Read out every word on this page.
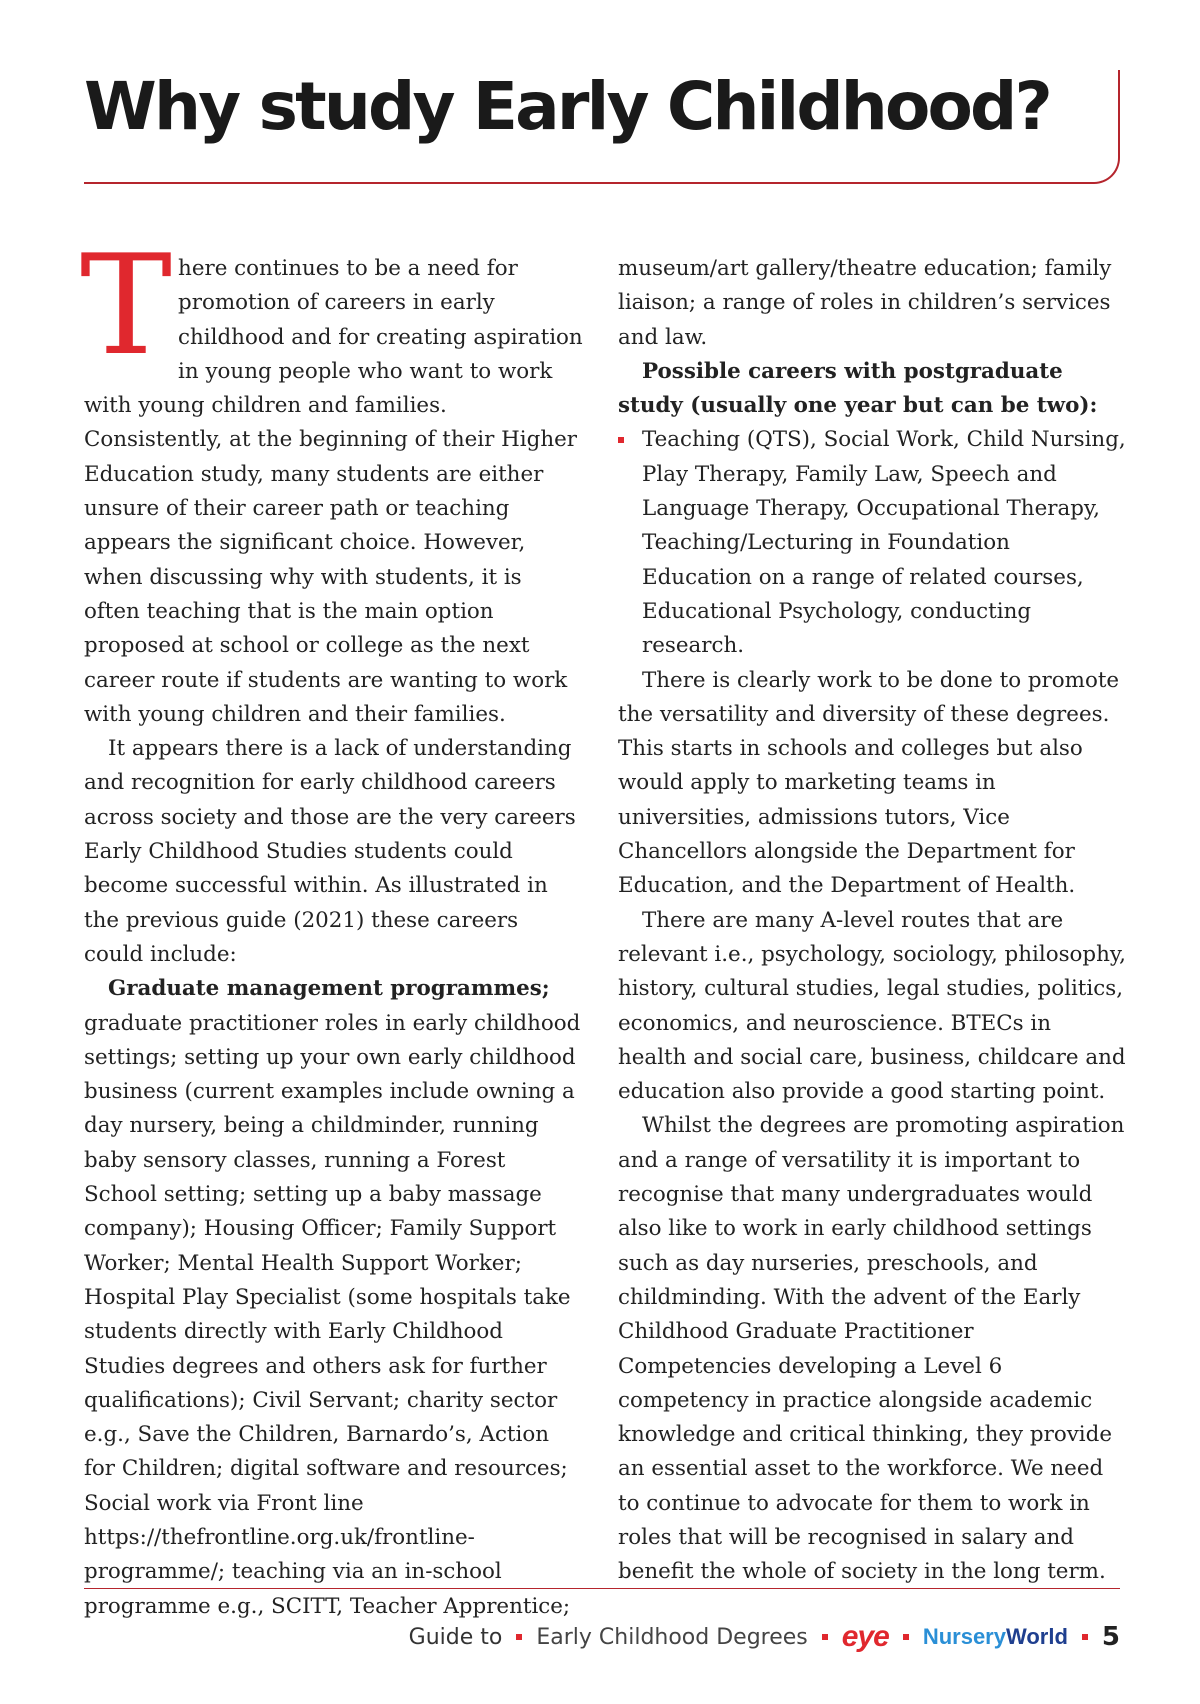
Why study Early Childhood?

There continues to be a need for promotion of careers in early childhood and for creating aspiration in young people who want to work with young children and families. Consistently, at the beginning of their Higher Education study, many students are either unsure of their career path or teaching appears the significant choice. However, when discussing why with students, it is often teaching that is the main option proposed at school or college as the next career route if students are wanting to work with young children and their families.

It appears there is a lack of understanding and recognition for early childhood careers across society and those are the very careers Early Childhood Studies students could become successful within. As illustrated in the previous guide (2021) these careers could include:

Graduate management programmes;
graduate practitioner roles in early childhood settings; setting up your own early childhood business (current examples include owning a day nursery, being a childminder, running baby sensory classes, running a Forest School setting; setting up a baby massage company); Housing Officer; Family Support Worker; Mental Health Support Worker; Hospital Play Specialist (some hospitals take students directly with Early Childhood Studies degrees and others ask for further qualifications); Civil Servant; charity sector e.g., Save the Children, Barnardo’s, Action for Children; digital software and resources; Social work via Front line https://thefrontline.org.uk/frontline-programme/; teaching via an in-school programme e.g., SCITT, Teacher Apprentice;

museum/art gallery/theatre education; family liaison; a range of roles in children’s services and law.

Possible careers with postgraduate study (usually one year but can be two):

Teaching (QTS), Social Work, Child Nursing, Play Therapy, Family Law, Speech and Language Therapy, Occupational Therapy, Teaching/Lecturing in Foundation Education on a range of related courses, Educational Psychology, conducting research.

There is clearly work to be done to promote the versatility and diversity of these degrees. This starts in schools and colleges but also would apply to marketing teams in universities, admissions tutors, Vice Chancellors alongside the Department for Education, and the Department of Health.

There are many A-level routes that are relevant i.e., psychology, sociology, philosophy, history, cultural studies, legal studies, politics, economics, and neuroscience. BTECs in health and social care, business, childcare and education also provide a good starting point.

Whilst the degrees are promoting aspiration and a range of versatility it is important to recognise that many undergraduates would also like to work in early childhood settings such as day nurseries, preschools, and childminding. With the advent of the Early Childhood Graduate Practitioner Competencies developing a Level 6 competency in practice alongside academic knowledge and critical thinking, they provide an essential asset to the workforce. We need to continue to advocate for them to work in roles that will be recognised in salary and benefit the whole of society in the long term.

Guide to Early Childhood Degrees eye NurseryWorld 5
